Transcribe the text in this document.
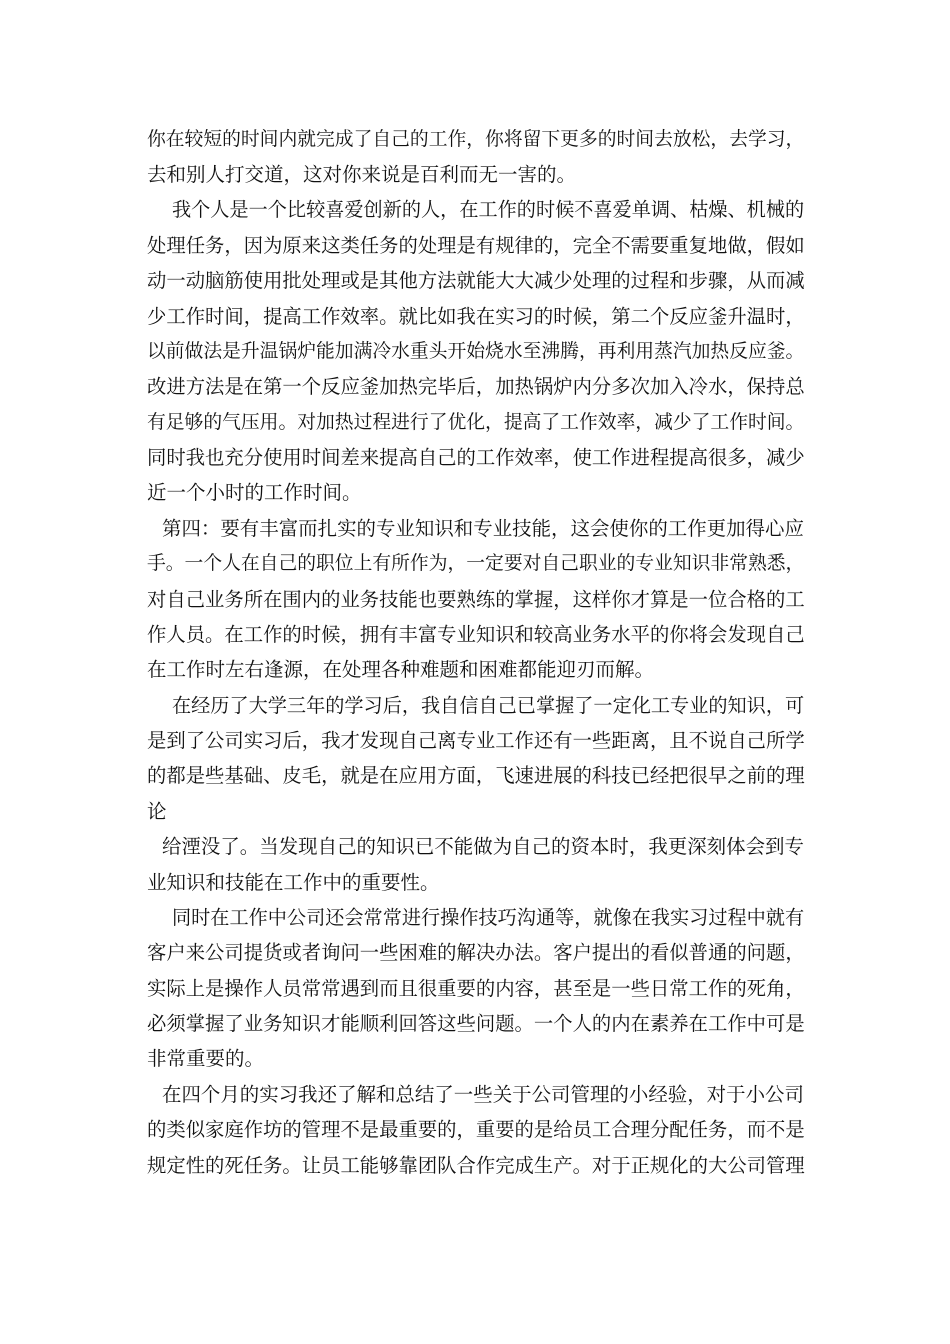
你在较短的时间内就完成了自己的工作，你将留下更多的时间去放松，去学习，
去和别人打交道，这对你来说是百利而无一害的。
我个人是一个比较喜爱创新的人，在工作的时候不喜爱单调、枯燥、机械的
处理任务，因为原来这类任务的处理是有规律的，完全不需要重复地做，假如
动一动脑筋使用批处理或是其他方法就能大大减少处理的过程和步骤，从而减
少工作时间，提高工作效率。就比如我在实习的时候，第二个反应釜升温时，
以前做法是升温锅炉能加满冷水重头开始烧水至沸腾，再利用蒸汽加热反应釜。
改进方法是在第一个反应釜加热完毕后，加热锅炉内分多次加入冷水，保持总
有足够的气压用。对加热过程进行了优化，提高了工作效率，减少了工作时间。
同时我也充分使用时间差来提高自己的工作效率，使工作进程提高很多，减少
近一个小时的工作时间。
第四：要有丰富而扎实的专业知识和专业技能，这会使你的工作更加得心应
手。一个人在自己的职位上有所作为，一定要对自己职业的专业知识非常熟悉，
对自己业务所在围内的业务技能也要熟练的掌握，这样你才算是一位合格的工
作人员。在工作的时候，拥有丰富专业知识和较高业务水平的你将会发现自己
在工作时左右逢源，在处理各种难题和困难都能迎刃而解。
在经历了大学三年的学习后，我自信自己已掌握了一定化工专业的知识，可
是到了公司实习后，我才发现自己离专业工作还有一些距离，且不说自己所学
的都是些基础、皮毛，就是在应用方面，飞速进展的科技已经把很早之前的理
论
给湮没了。当发现自己的知识已不能做为自己的资本时，我更深刻体会到专
业知识和技能在工作中的重要性。
同时在工作中公司还会常常进行操作技巧沟通等，就像在我实习过程中就有
客户来公司提货或者询问一些困难的解决办法。客户提出的看似普通的问题，
实际上是操作人员常常遇到而且很重要的内容，甚至是一些日常工作的死角，
必须掌握了业务知识才能顺利回答这些问题。一个人的内在素养在工作中可是
非常重要的。
在四个月的实习我还了解和总结了一些关于公司管理的小经验，对于小公司
的类似家庭作坊的管理不是最重要的，重要的是给员工合理分配任务，而不是
规定性的死任务。让员工能够靠团队合作完成生产。对于正规化的大公司管理
